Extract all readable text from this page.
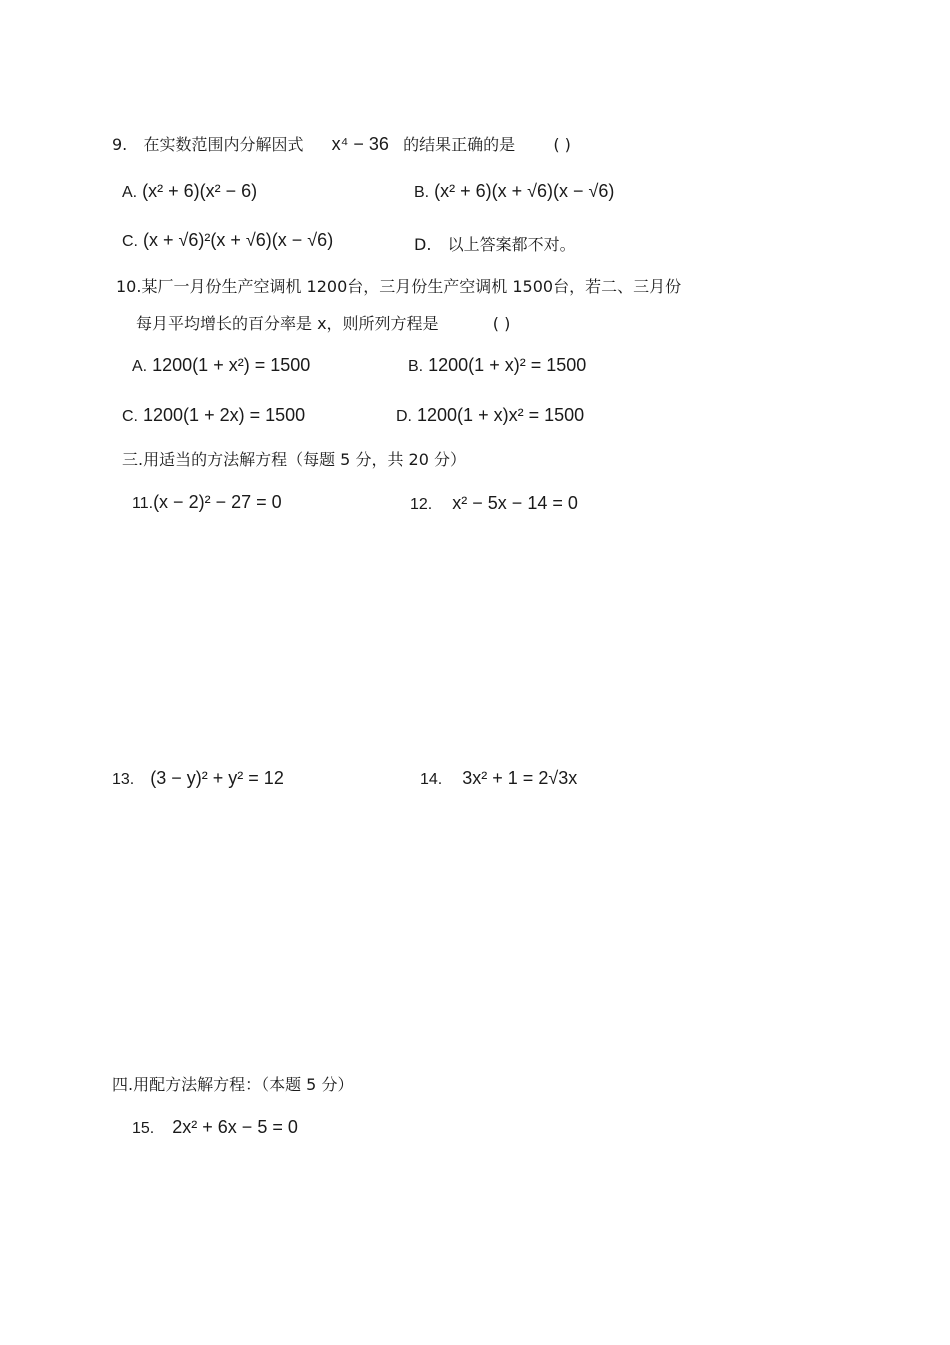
9. 在实数范围内分解因式 x⁴ − 36 的结果正确的是 ( )
A. (x² + 6)(x² − 6)	B. (x² + 6)(x + √6)(x − √6)
C. (x + √6)²(x + √6)(x − √6)	D. 以上答案都不对。
10.某厂一月份生产空调机 1200台，三月份生产空调机 1500台，若二、三月份
每月平均增长的百分率是 x，则所列方程是	( )
A. 1200(1 + x²) = 1500	B. 1200(1 + x)² = 1500
C. 1200(1 + 2x) = 1500	D. 1200(1 + x)x² = 1500
三.用适当的方法解方程（每题 5 分，共 20 分）
11.(x − 2)² − 27 = 0	12. x² − 5x − 14 = 0
13. (3 − y)² + y² = 12	14. 3x² + 1 = 2√3x
四.用配方法解方程：（本题 5 分）
15. 2x² + 6x − 5 = 0
